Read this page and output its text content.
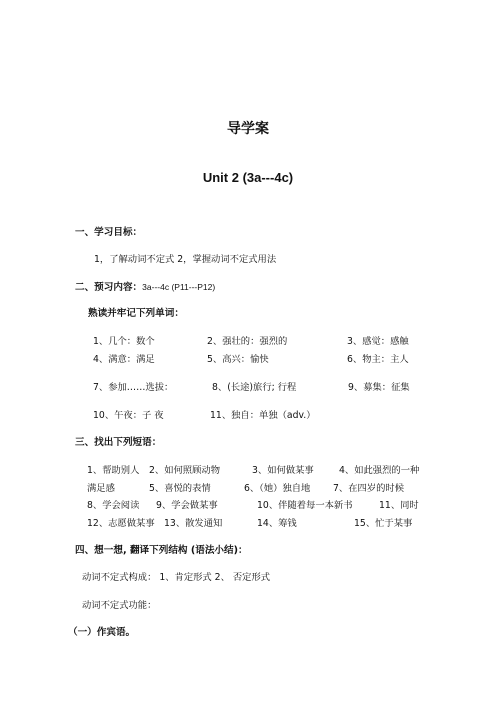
导学案
Unit 2 (3a---4c)
一、学习目标：
1，了解动词不定式 2，掌握动词不定式用法
二、预习内容：3a---4c (P11---P12)
熟读并牢记下列单词：
1、几个：数个	2、强壮的：强烈的	3、感觉：感触
4、满意：满足	5、高兴：愉快	6、物主：主人
7、参加……选拔：	8、(长途)旅行; 行程	9、募集：征集
10、午夜：子 夜	11、独自：单独（adv.）
三、找出下列短语：
1、帮助别人 2、如何照顾动物	3、如何做某事	4、如此强烈的一种
满足感	5、喜悦的表情	6、（她）独自地 7、在四岁的时候
8、学会阅读 9、学会做某事	10、伴随着每一本新书	11、同时
12、志愿做某事 13、散发通知	14、筹钱	15、忙于某事
四、想一想, 翻译下列结构 (语法小结)：
动词不定式构成： 1、肯定形式 2、 否定形式
动词不定式功能：
（一）作宾语。
